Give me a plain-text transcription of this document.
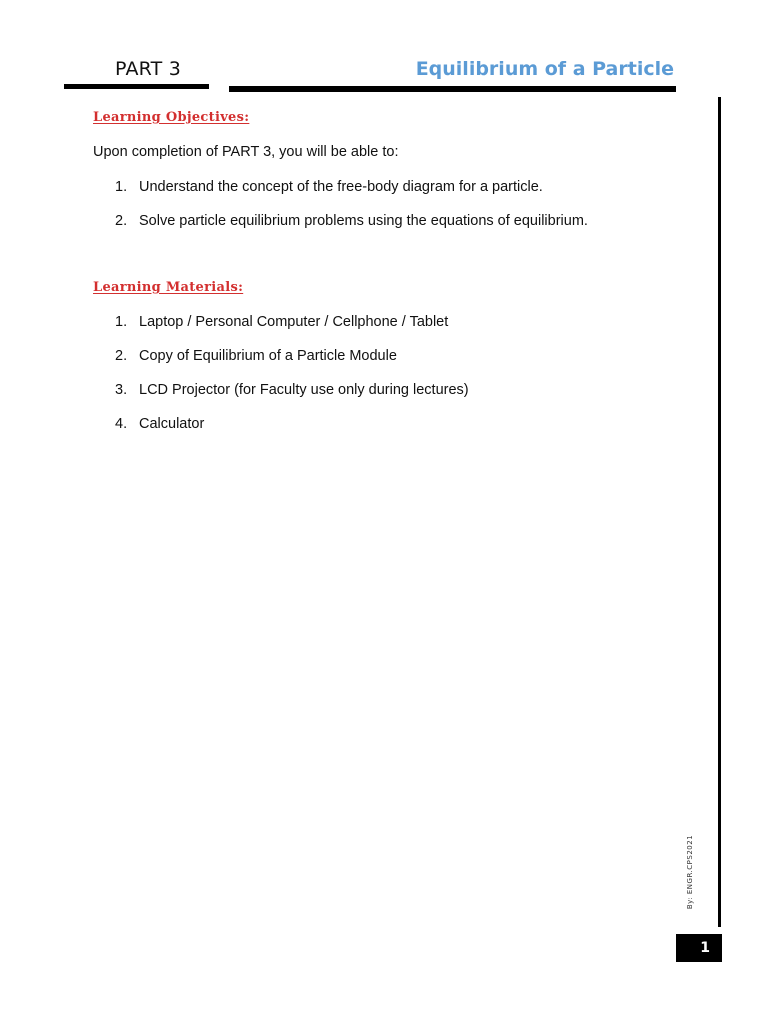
PART 3	Equilibrium of a Particle
Learning Objectives:
Upon completion of PART 3, you will be able to:
1. Understand the concept of the free-body diagram for a particle.
2. Solve particle equilibrium problems using the equations of equilibrium.
Learning Materials:
1. Laptop / Personal Computer / Cellphone / Tablet
2. Copy of Equilibrium of a Particle Module
3. LCD Projector (for Faculty use only during lectures)
4. Calculator
By: ENGR.CPS2021
1
